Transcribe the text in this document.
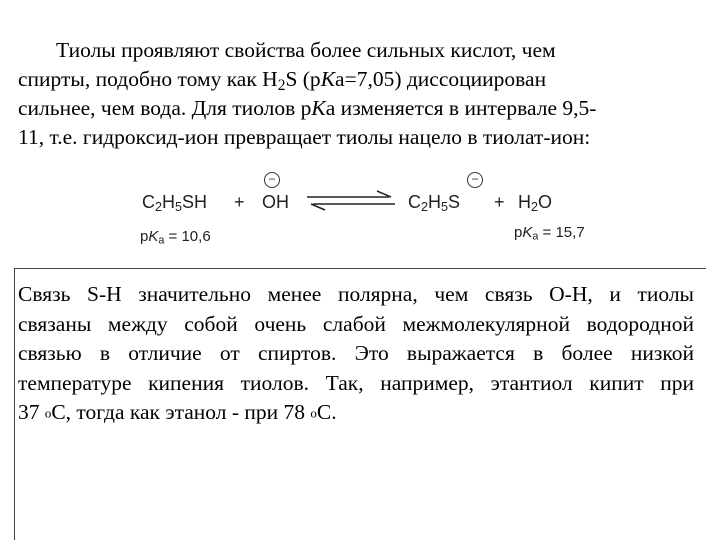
Тиолы проявляют свойства более сильных кислот, чем
спирты, подобно тому как $H_2S$ (pKa=7,05) диссоциирован
сильнее, чем вода. Для тиолов pKa изменяется в интервале 9,5-
11, т.е. гидроксид-ион превращает тиолы нацело в тиолат-ион:
$C_2H_5SH$ + OH
−
$C_2H_5S$
−
+ $H_2O$
$pK_a = 10,6$	$pK_a = 15,7$
Связь S-H значительно менее полярна, чем связь O-H, и тиолы
связаны между собой очень слабой межмолекулярной водородной
связью в отличие от спиртов. Это выражается в более низкой
температуре кипения тиолов. Так, например, этантиол кипит при
37 $^o$С, тогда как этанол - при 78 $^o$С.
